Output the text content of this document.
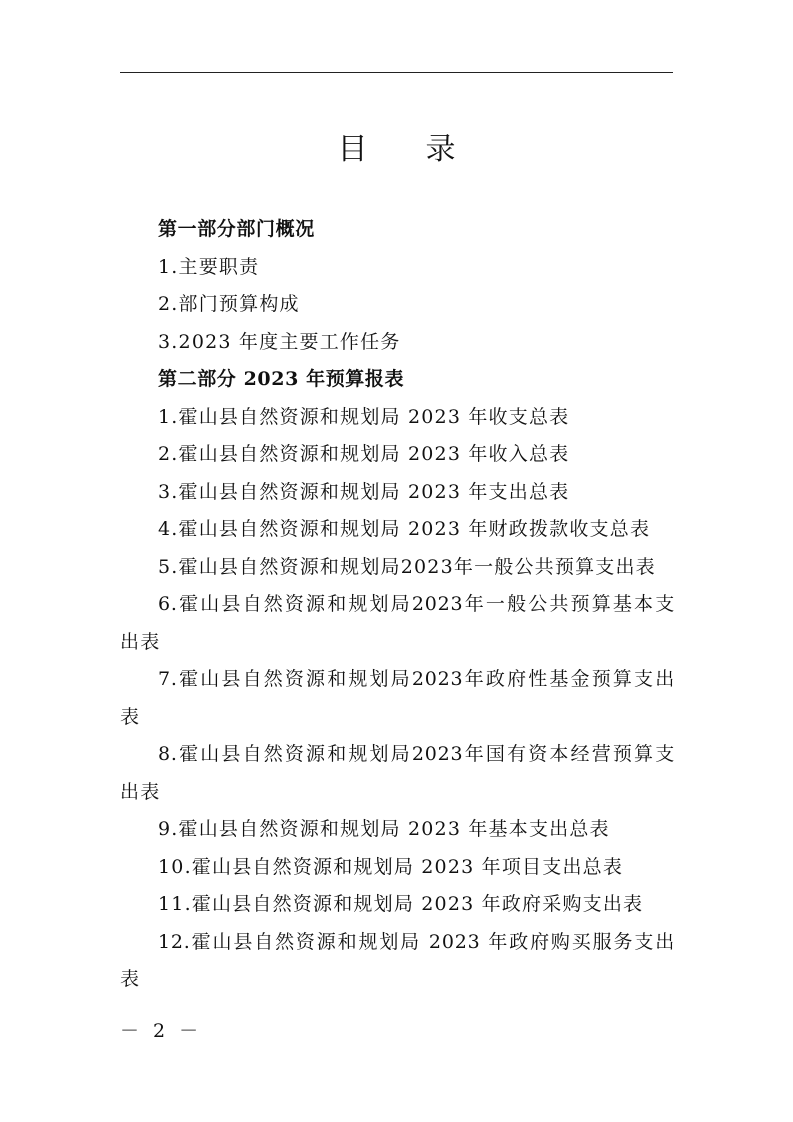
目录
第一部分部门概况
1.主要职责
2.部门预算构成
3.2023 年度主要工作任务
第二部分 2023 年预算报表
1.霍山县自然资源和规划局 2023 年收支总表
2.霍山县自然资源和规划局 2023 年收入总表
3.霍山县自然资源和规划局 2023 年支出总表
4.霍山县自然资源和规划局 2023 年财政拨款收支总表
5.霍山县自然资源和规划局2023年一般公共预算支出表
6.霍山县自然资源和规划局2023年一般公共预算基本支
出表
7.霍山县自然资源和规划局2023年政府性基金预算支出
表
8.霍山县自然资源和规划局2023年国有资本经营预算支
出表
9.霍山县自然资源和规划局 2023 年基本支出总表
10.霍山县自然资源和规划局 2023 年项目支出总表
11.霍山县自然资源和规划局 2023 年政府采购支出表
12.霍山县自然资源和规划局 2023 年政府购买服务支出
表
－ 2 －
